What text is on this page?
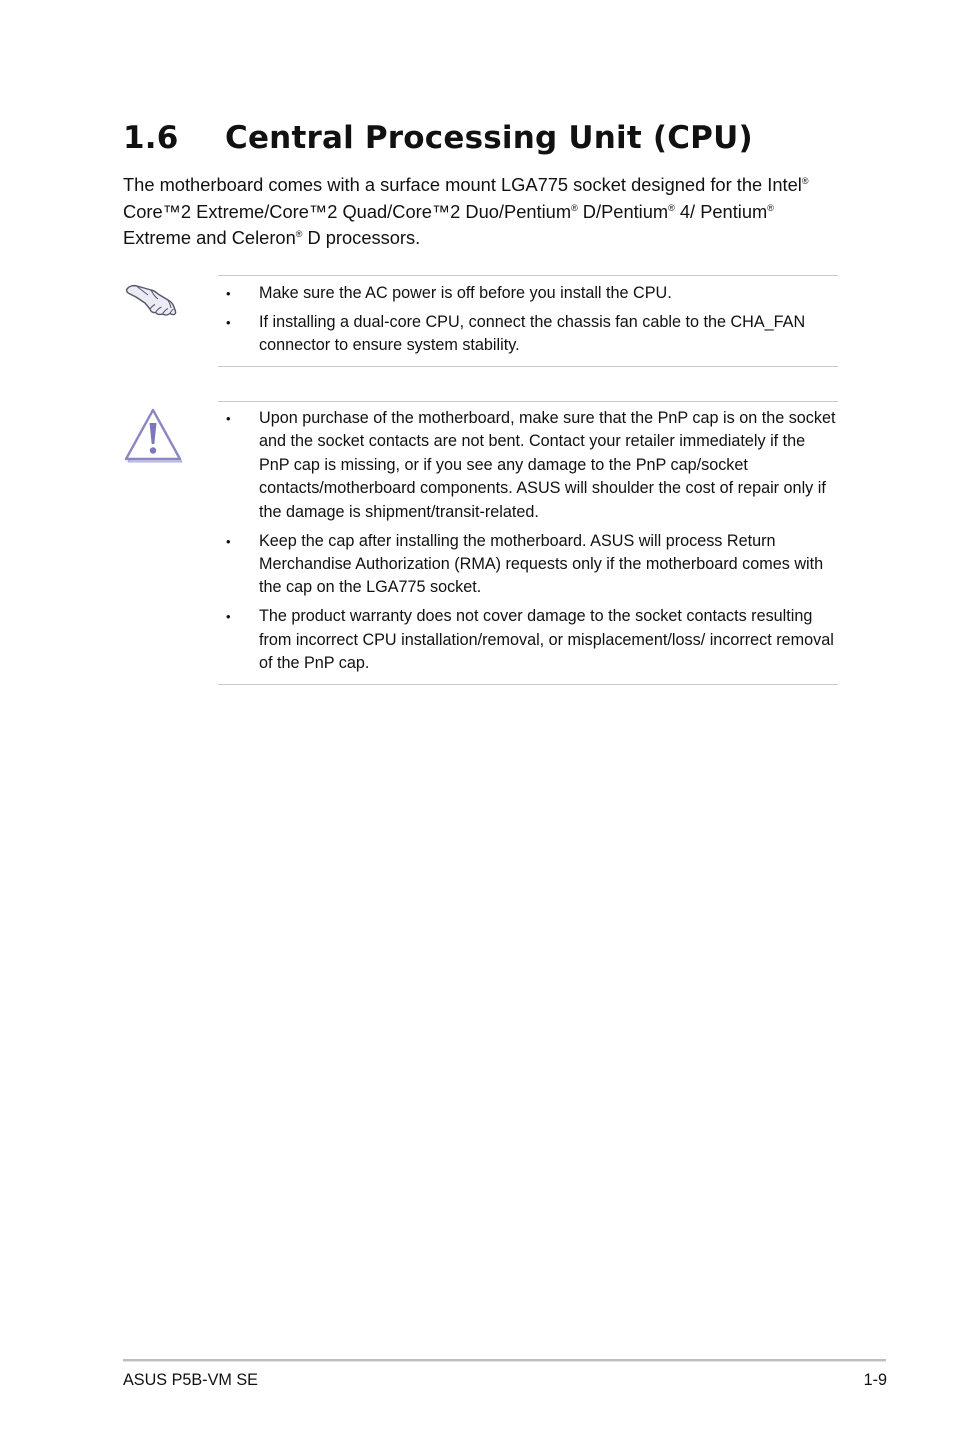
1.6 Central Processing Unit (CPU)

The motherboard comes with a surface mount LGA775 socket designed for the Intel® Core™2 Extreme/Core™2 Quad/Core™2 Duo/Pentium® D/Pentium® 4/ Pentium® Extreme and Celeron® D processors.

• Make sure the AC power is off before you install the CPU.
• If installing a dual-core CPU, connect the chassis fan cable to the CHA_FAN connector to ensure system stability.
• Upon purchase of the motherboard, make sure that the PnP cap is on the socket and the socket contacts are not bent. Contact your retailer immediately if the PnP cap is missing, or if you see any damage to the PnP cap/socket contacts/motherboard components. ASUS will shoulder the cost of repair only if the damage is shipment/transit-related.
• Keep the cap after installing the motherboard. ASUS will process Return Merchandise Authorization (RMA) requests only if the motherboard comes with the cap on the LGA775 socket.
• The product warranty does not cover damage to the socket contacts resulting from incorrect CPU installation/removal, or misplacement/loss/ incorrect removal of the PnP cap.
ASUS P5B-VM SE	1-9
